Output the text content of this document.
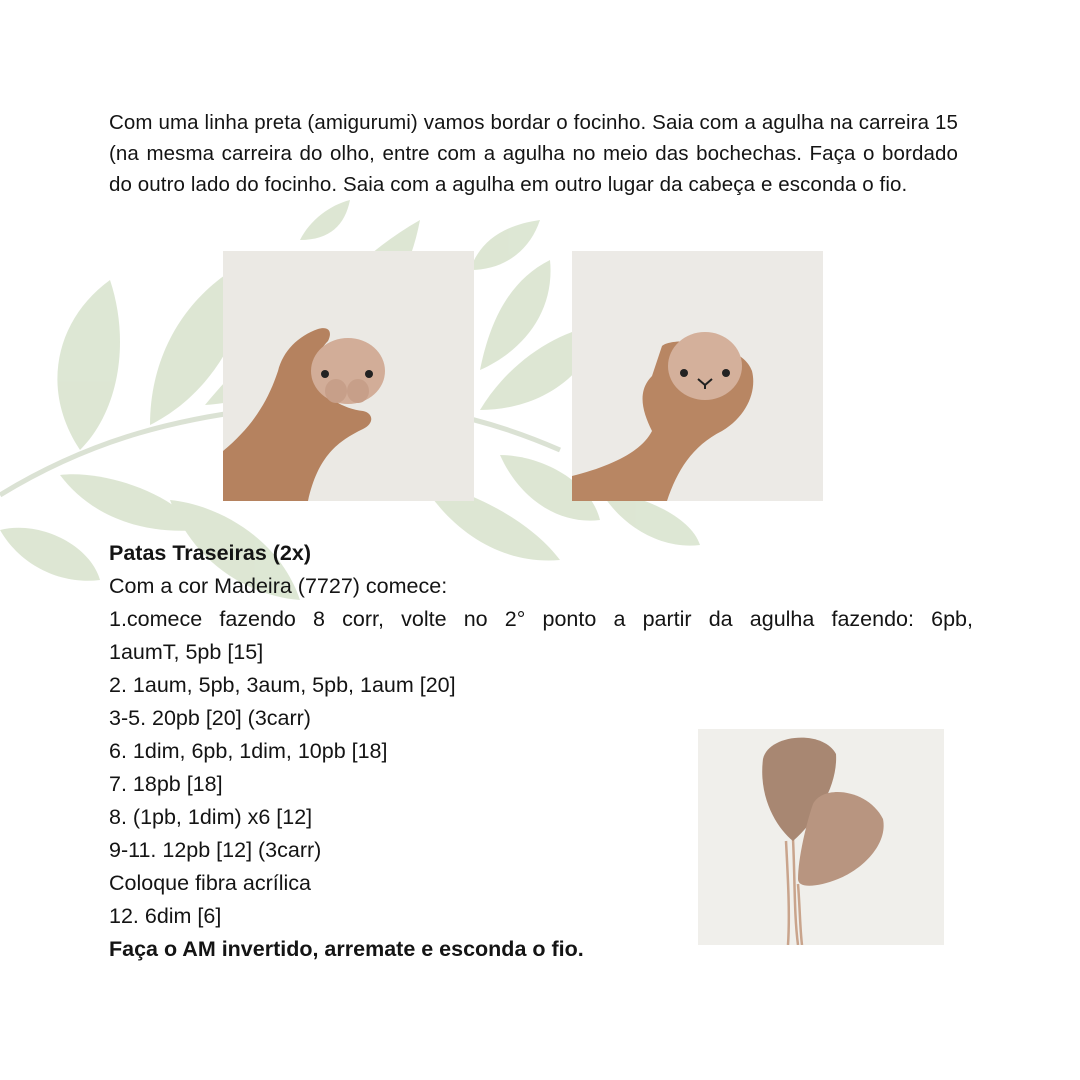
Com uma linha preta (amigurumi) vamos bordar o focinho. Saia com a agulha na carreira 15 (na mesma carreira do olho, entre com a agulha no meio das bochechas. Faça o bordado do outro lado do focinho. Saia com a agulha em outro lugar da cabeça e esconda o fio.

Patas Traseiras (2x)
Com a cor Madeira (7727) comece:
1.comece fazendo 8 corr, volte no 2° ponto a partir da agulha fazendo: 6pb,
1aumT, 5pb [15]
2. 1aum, 5pb, 3aum, 5pb, 1aum [20]
3-5. 20pb [20] (3carr)
6. 1dim, 6pb, 1dim, 10pb [18]
7. 18pb [18]
8. (1pb, 1dim) x6 [12]
9-11. 12pb [12] (3carr)
Coloque fibra acrílica
12. 6dim [6]
Faça o AM invertido, arremate e esconda o fio.
